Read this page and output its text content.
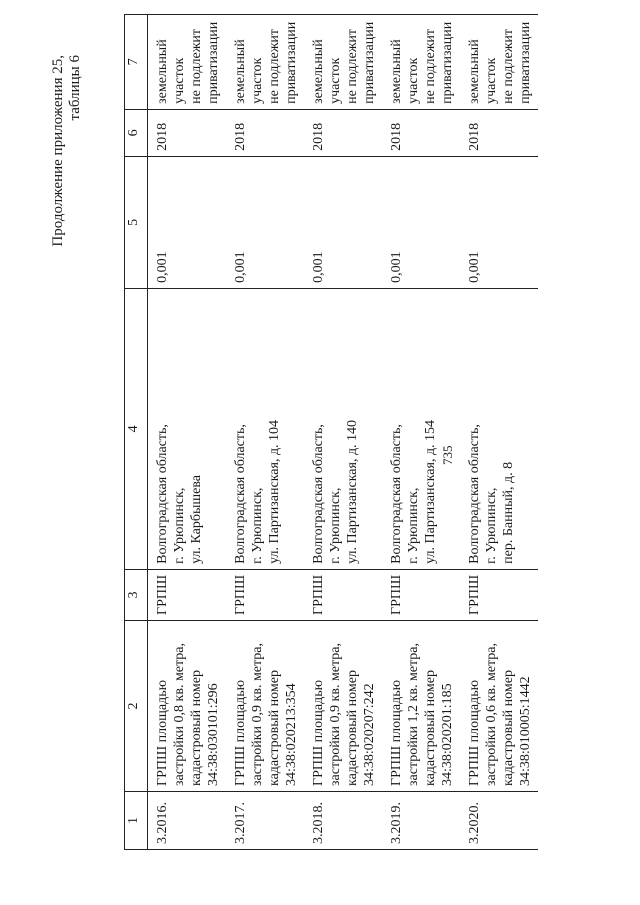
735
Продолжение приложения 25, таблицы 6
1	2	3	4	5	6	7
3.2016.	ГРПШ площадью
застройки 0,8 кв. метра,
кадастровый номер
34:38:030101:296	ГРПШ	Волгоградская область,
г. Урюпинск,
ул. Карбышева	0,001	2018	земельный
участок
не подлежит
приватизации
3.2017.	ГРПШ площадью
застройки 0,9 кв. метра,
кадастровый номер
34:38:020213:354	ГРПШ	Волгоградская область,
г. Урюпинск,
ул. Партизанская, д. 104	0,001	2018	земельный
участок
не подлежит
приватизации
3.2018.	ГРПШ площадью
застройки 0,9 кв. метра,
кадастровый номер
34:38:020207:242	ГРПШ	Волгоградская область,
г. Урюпинск,
ул. Партизанская, д. 140	0,001	2018	земельный
участок
не подлежит
приватизации
3.2019.	ГРПШ площадью
застройки 1,2 кв. метра,
кадастровый номер
34:38:020201:185	ГРПШ	Волгоградская область,
г. Урюпинск,
ул. Партизанская, д. 154	0,001	2018	земельный
участок
не подлежит
приватизации
3.2020.	ГРПШ площадью
застройки 0,6 кв. метра,
кадастровый номер
34:38:010005:1442	ГРПШ	Волгоградская область,
г. Урюпинск,
пер. Банный, д. 8	0,001	2018	земельный
участок
не подлежит
приватизации
